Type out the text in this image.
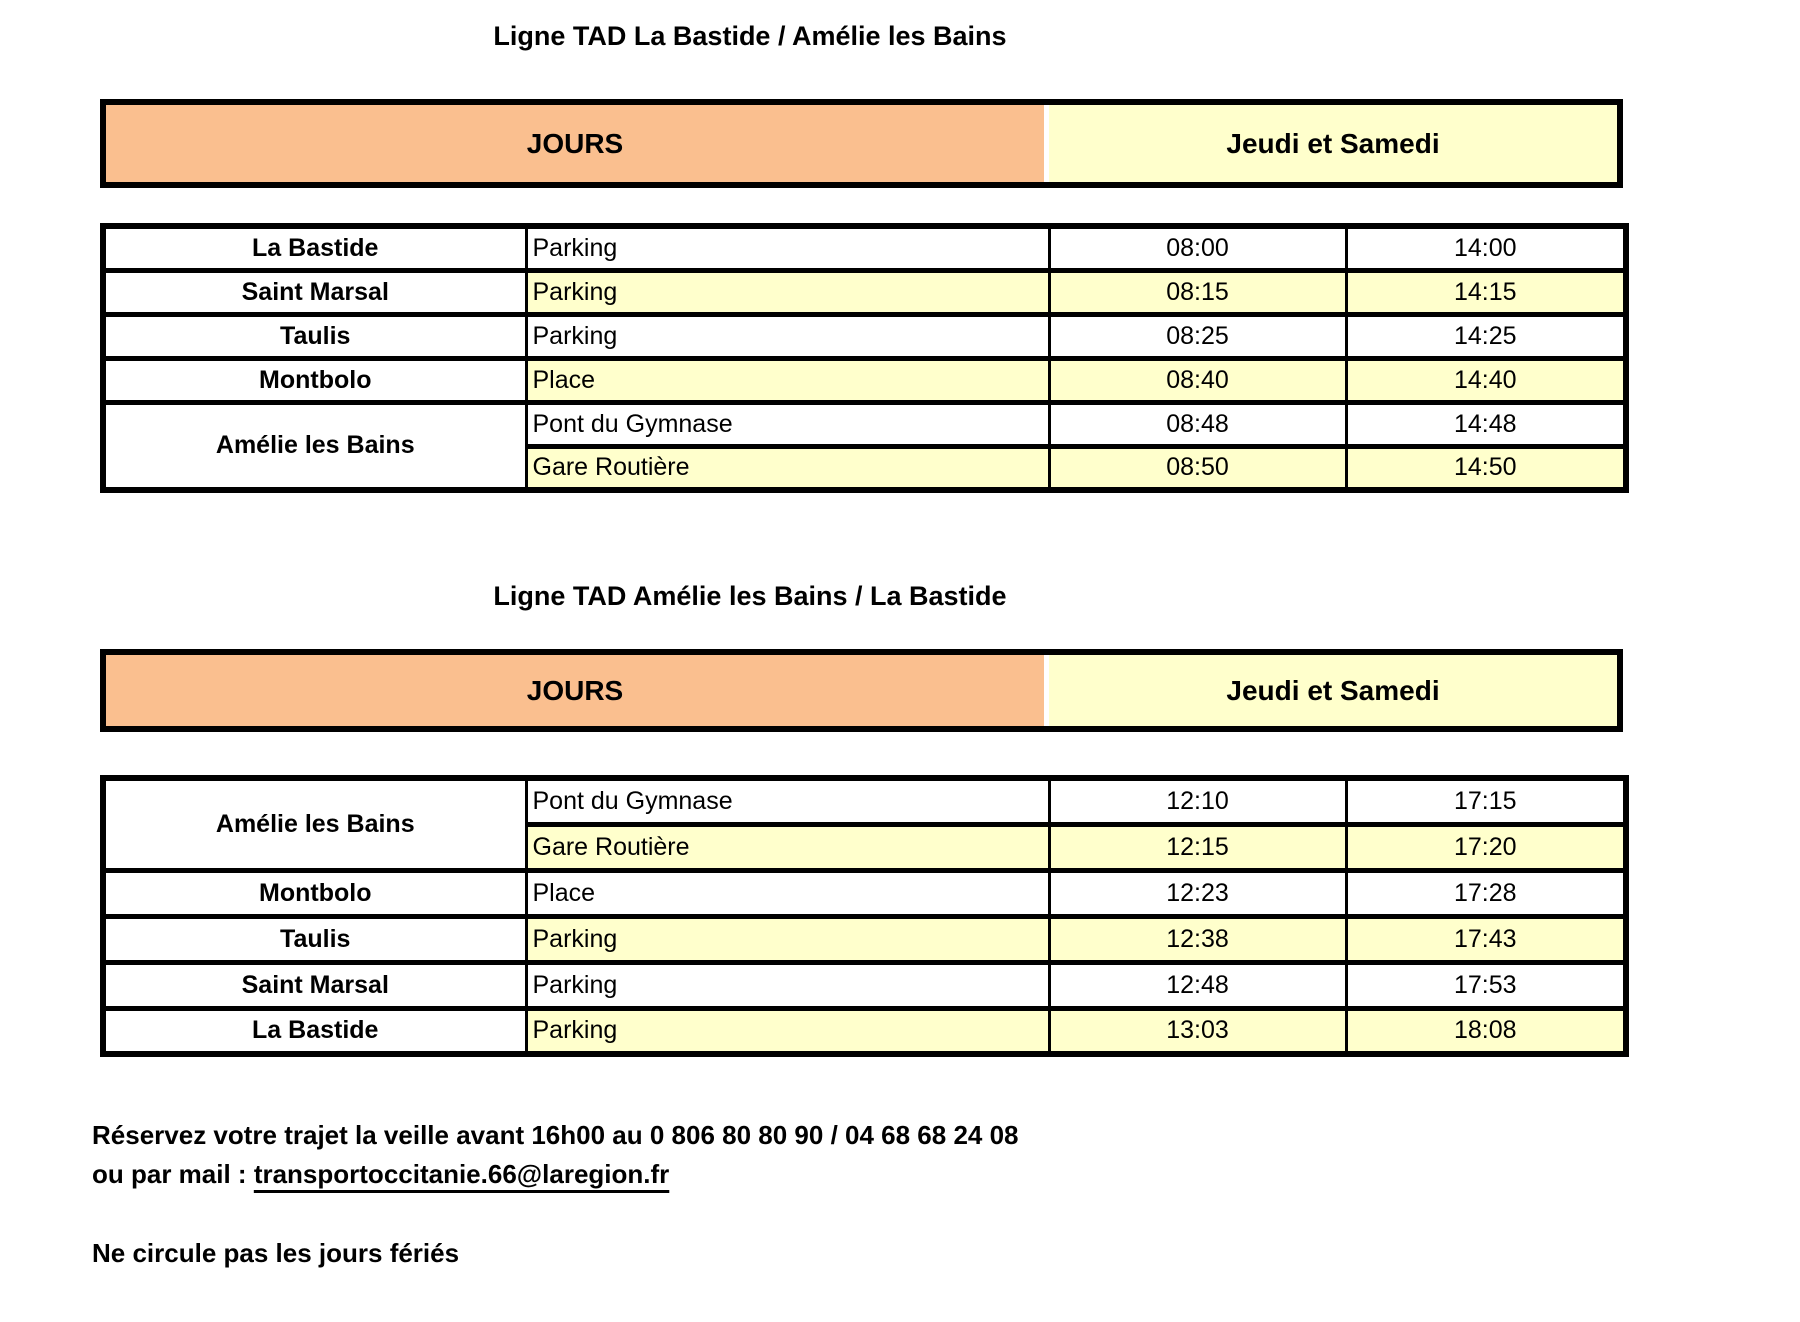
Ligne TAD La Bastide / Amélie les Bains
JOURS	Jeudi et Samedi
La Bastide	Parking	08:00	14:00
Saint Marsal	Parking	08:15	14:15
Taulis	Parking	08:25	14:25
Montbolo	Place	08:40	14:40
Amélie les Bains	Pont du Gymnase	08:48	14:48
	Gare Routière	08:50	14:50
Ligne TAD Amélie les Bains / La Bastide
JOURS	Jeudi et Samedi
Amélie les Bains	Pont du Gymnase	12:10	17:15
	Gare Routière	12:15	17:20
Montbolo	Place	12:23	17:28
Taulis	Parking	12:38	17:43
Saint Marsal	Parking	12:48	17:53
La Bastide	Parking	13:03	18:08
Réservez votre trajet la veille avant 16h00 au 0 806 80 80 90 / 04 68 68 24 08
ou par mail : transportoccitanie.66@laregion.fr
Ne circule pas les jours fériés
